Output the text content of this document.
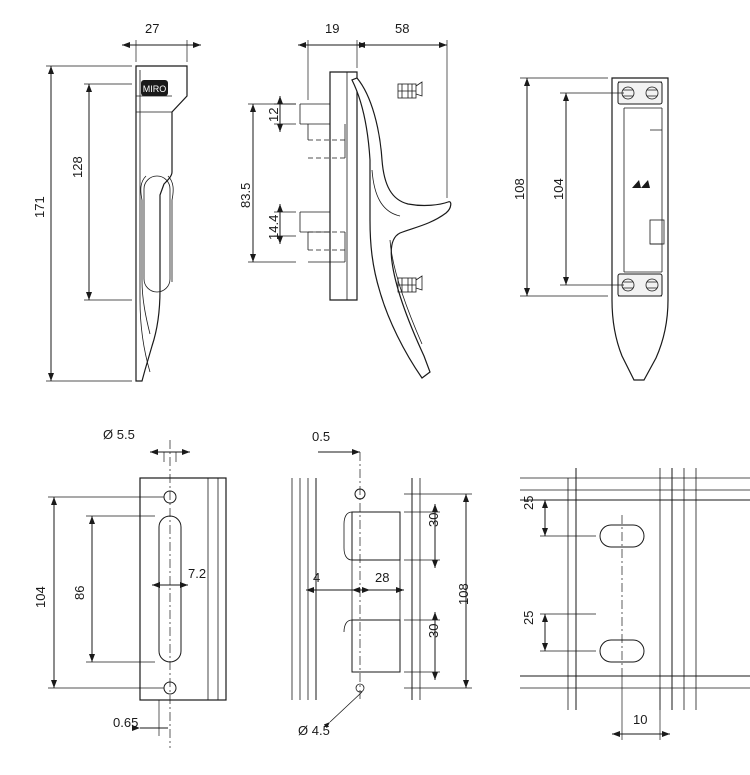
MIRO
27
128
171
19	58
12
83.5
14.4
108 104
Ø 5.5
104 86
7.2
0.65
0.5
30
4	28
108
30
Ø 4.5
25
25
10
